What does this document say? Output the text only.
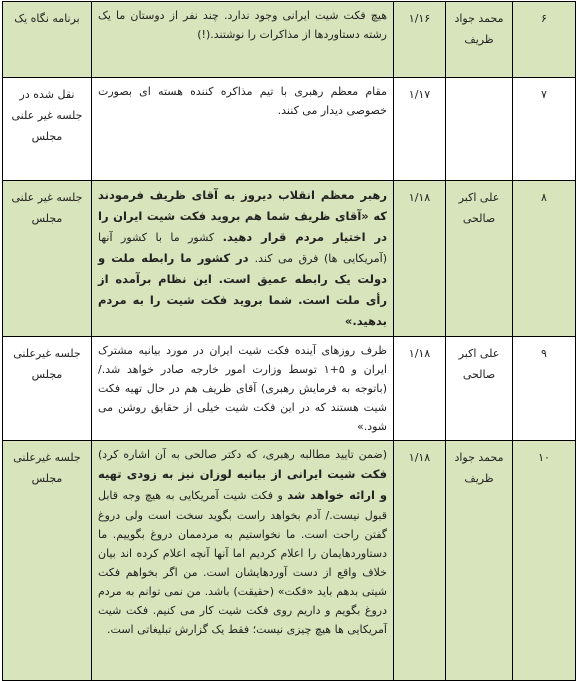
۶	محمد جواد ظریف	۱/۱۶	هیچ فکت شیت ایرانی وجود ندارد. چند نفر از دوستان ما یک رشته دستاوردها از مذاکرات را نوشتند.(!)	برنامه نگاه یک
۷		۱/۱۷	مقام معظم رهبری با تیم مذاکره کننده هسته ای بصورت خصوصی دیدار می کنند.	نقل شده در جلسه غیر علنی مجلس
۸	علی اکبر صالحی	۱/۱۸	رهبر معظم انقلاب دیروز به آقای ظریف فرمودند که «آقای ظریف شما هم بروید فکت شیت ایران را در اختیار مردم قرار دهید. کشور ما با کشور آنها (آمریکایی ها) فرق می کند. در کشور ما رابطه ملت و دولت یک رابطه عمیق است. این نظام برآمده از رأی ملت است. شما بروید فکت شیت را به مردم بدهید.»	جلسه غیر علنی مجلس
۹	علی اکبر صالحی	۱/۱۸	ظرف روزهای آینده فکت شیت ایران در مورد بیانیه مشترک ایران و ۵+۱ توسط وزارت امور خارجه صادر خواهد شد./ (باتوجه به فرمایش رهبری) آقای ظریف هم در حال تهیه فکت شیت هستند که در این فکت شیت خیلی از حقایق روشن می شود.»	جلسه غیرعلنی مجلس
۱۰	محمد جواد ظریف	۱/۱۸	(ضمن تایید مطالبه رهبری، که دکتر صالحی به آن اشاره کرد) فکت شیت ایرانی از بیانیه لوزان نیز به زودی تهیه و ارائه خواهد شد و فکت شیت آمریکایی به هیچ وجه قابل قبول نیست./ آدم بخواهد راست بگوید سخت است ولی دروغ گفتن راحت است. ما نخواستیم به مردممان دروغ بگوییم. ما دستاوردهایمان را اعلام کردیم اما آنها آنچه اعلام کرده اند بیان خلاف واقع از دست آوردهایشان است. من اگر بخواهم فکت شیتی بدهم باید «فکت» (حقیقت) باشد. من نمی توانم به مردم دروغ بگویم و داریم روی فکت شیت کار می کنیم. فکت شیت آمریکایی ها هیچ چیزی نیست؛ فقط یک گزارش تبلیغاتی است.	جلسه غیرعلنی مجلس
